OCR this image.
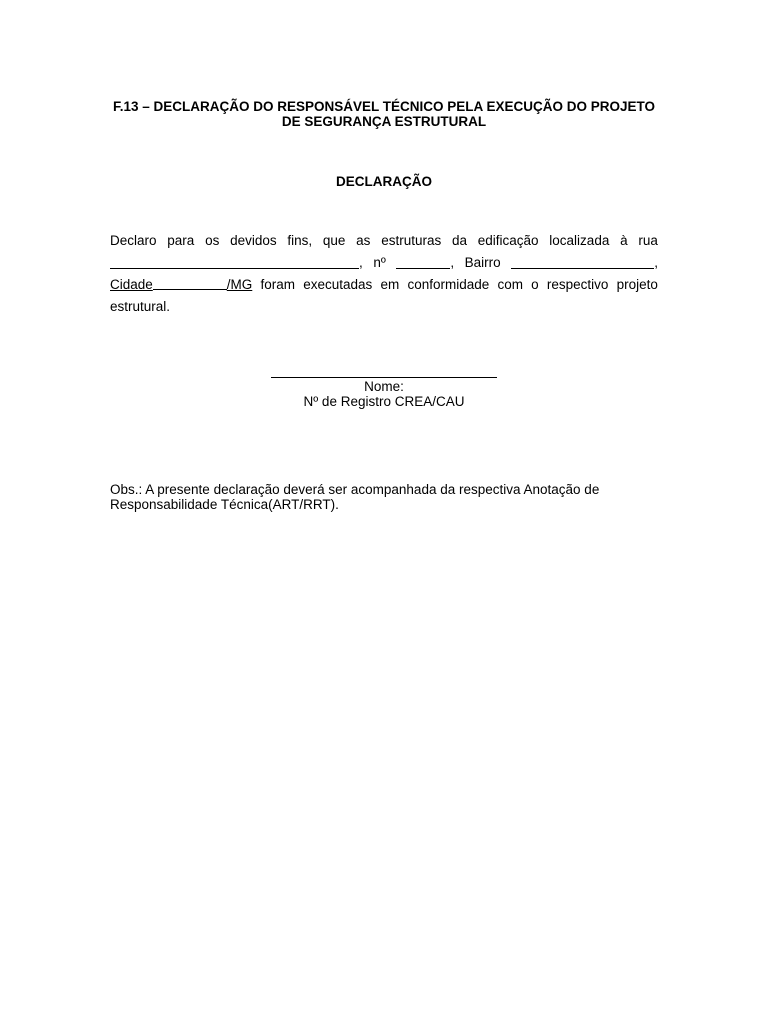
F.13 – DECLARAÇÃO DO RESPONSÁVEL TÉCNICO PELA EXECUÇÃO DO PROJETO
DE SEGURANÇA ESTRUTURAL
DECLARAÇÃO
Declaro para os devidos fins, que as estruturas da edificação localizada à rua
, nº	, Bairro	,
Cidade	/MG foram executadas em conformidade com o respectivo projeto
estrutural.
Nome:
Nº de Registro CREA/CAU
Obs.: A presente declaração deverá ser acompanhada da respectiva Anotação de
Responsabilidade Técnica(ART/RRT).
